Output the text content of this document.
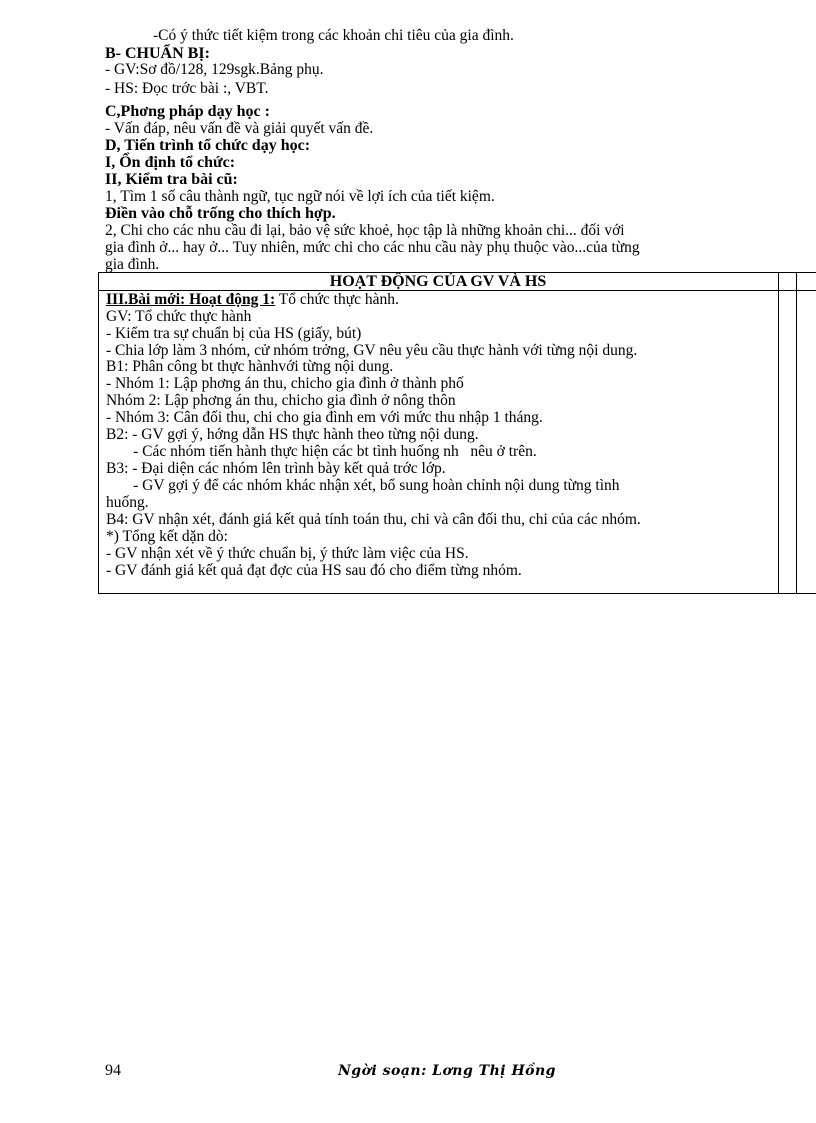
-Có ý thức tiết kiệm trong các khoản chi tiêu của gia đình.
B- CHUẨN BỊ:
- GV:Sơ đồ/128, 129sgk.Bảng phụ.
- HS: Đọc trớc bài :, VBT.
C,Phơng pháp dạy học :
- Vấn đáp, nêu vấn đề và giải quyết vấn đề.
D, Tiến trình tổ chức dạy học:
I, Ổn định tổ chức:
II, Kiểm tra bài cũ:
1, Tìm 1 số câu thành ngữ, tục ngữ nói về lợi ích của tiết kiệm.
Điền vào chỗ trống cho thích hợp.
2, Chi cho các nhu cầu đi lại, bảo vệ sức khoẻ, học tập là những khoản chi... đối với
gia đình ở... hay ở... Tuy nhiên, mức chi cho các nhu cầu này phụ thuộc vào...của từng
gia đình.
HOẠT ĐỘNG CỦA GV VÀ HS
III.Bài mới: Hoạt động 1: Tổ chức thực hành.
GV: Tổ chức thực hành
- Kiểm tra sự chuẩn bị của HS (giấy, bút)
- Chia lớp làm 3 nhóm, cử nhóm trởng, GV nêu yêu cầu thực hành với từng nội dung.
B1: Phân công bt thực hànhvới từng nội dung.
- Nhóm 1: Lập phơng án thu, chicho gia đình ở thành phố
Nhóm 2: Lập phơng án thu, chicho gia đình ở nông thôn
- Nhóm 3: Cân đối thu, chi cho gia đình em với mức thu nhập 1 tháng.
B2: - GV gợi ý, hớng dẫn HS thực hành theo từng nội dung.
- Các nhóm tiến hành thực hiện các bt tình huống nh   nêu ở trên.
B3: - Đại diện các nhóm lên trình bày kết quả trớc lớp.
- GV gợi ý để các nhóm khác nhận xét, bổ sung hoàn chỉnh nội dung từng tình
huống.
B4: GV nhận xét, đánh giá kết quả tính toán thu, chi và cân đối thu, chi của các nhóm.
*) Tổng kết dặn dò:
- GV nhận xét về ý thức chuẩn bị, ý thức làm việc của HS.
- GV đánh giá kết quả đạt đợc của HS sau đó cho điểm từng nhóm.
94	Ngời soạn: Lơng Thị Hồng
